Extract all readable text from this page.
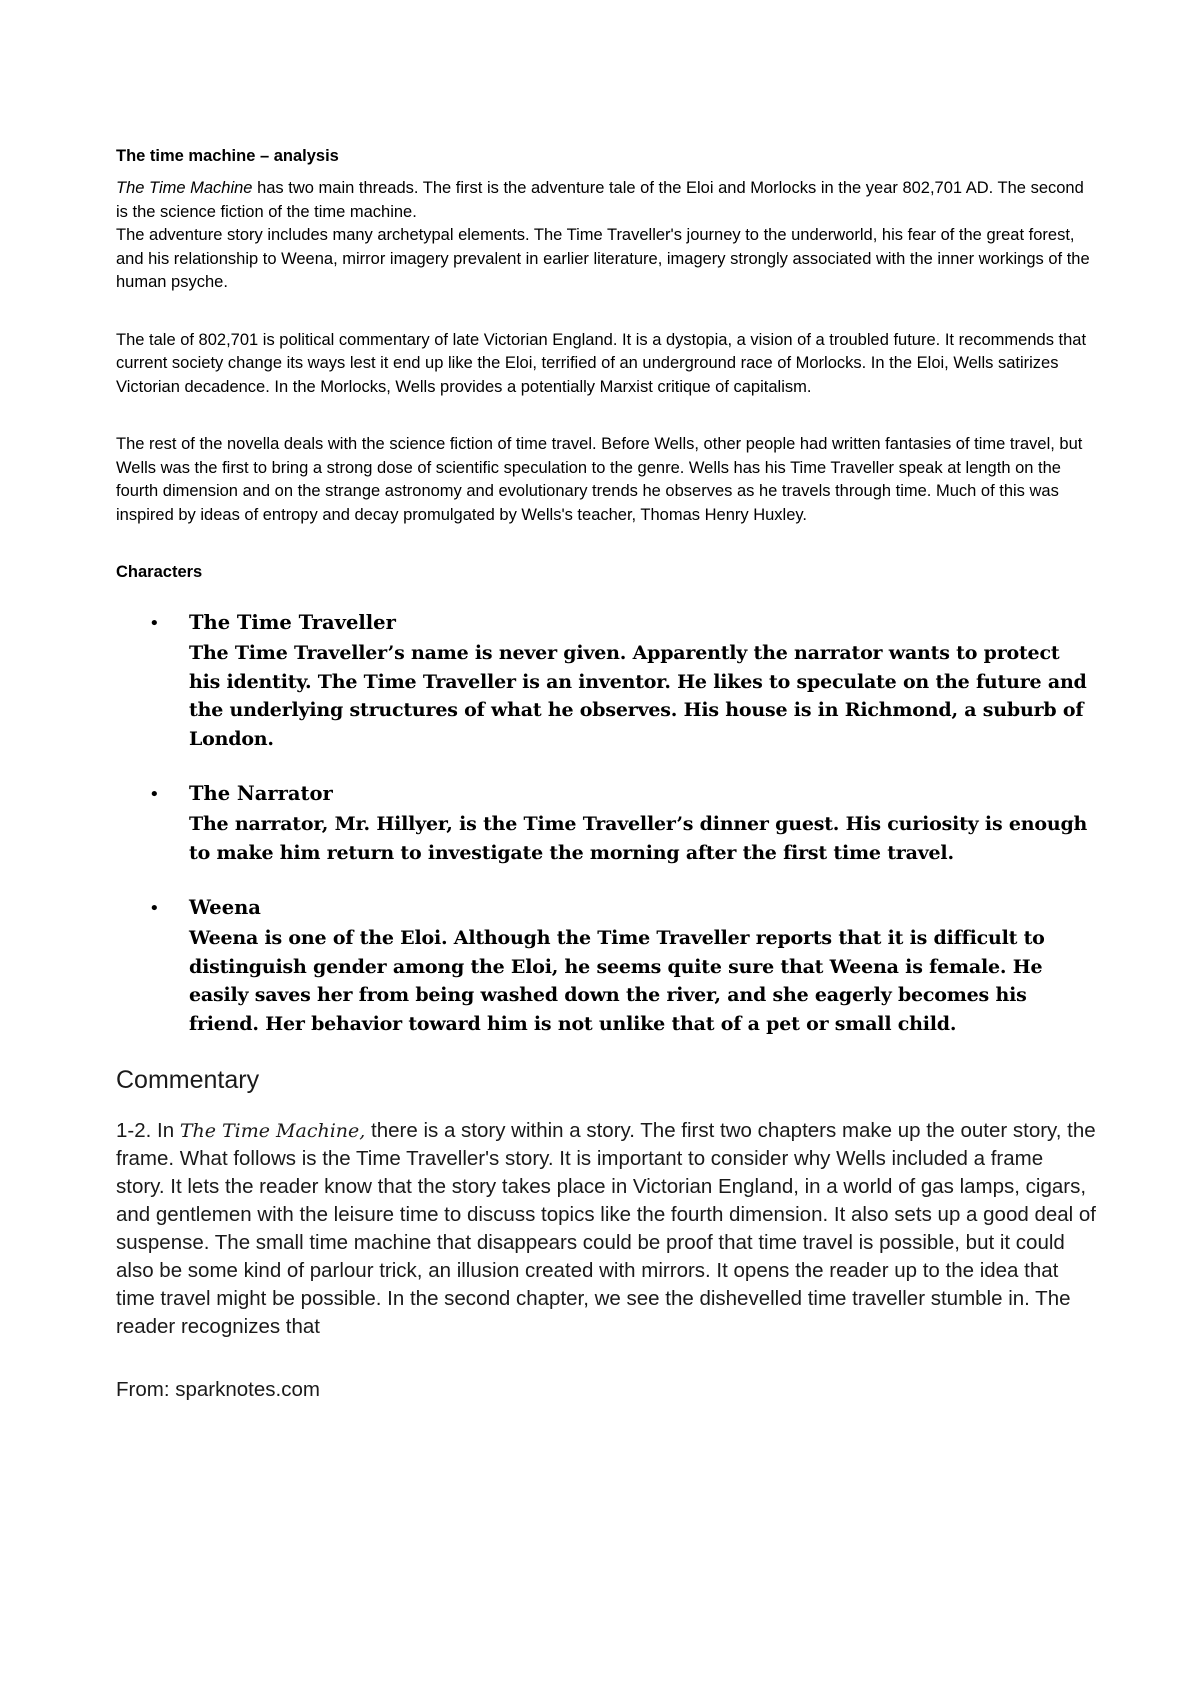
The time machine – analysis
The Time Machine has two main threads. The first is the adventure tale of the Eloi and Morlocks in the year 802,701 AD. The second is the science fiction of the time machine.
The adventure story includes many archetypal elements. The Time Traveller's journey to the underworld, his fear of the great forest, and his relationship to Weena, mirror imagery prevalent in earlier literature, imagery strongly associated with the inner workings of the human psyche.

The tale of 802,701 is political commentary of late Victorian England. It is a dystopia, a vision of a troubled future. It recommends that current society change its ways lest it end up like the Eloi, terrified of an underground race of Morlocks. In the Eloi, Wells satirizes Victorian decadence. In the Morlocks, Wells provides a potentially Marxist critique of capitalism.

The rest of the novella deals with the science fiction of time travel. Before Wells, other people had written fantasies of time travel, but Wells was the first to bring a strong dose of scientific speculation to the genre. Wells has his Time Traveller speak at length on the fourth dimension and on the strange astronomy and evolutionary trends he observes as he travels through time. Much of this was inspired by ideas of entropy and decay promulgated by Wells's teacher, Thomas Henry Huxley.

Characters
• The Time Traveller

The Time Traveller’s name is never given. Apparently the narrator wants to protect his identity. The Time Traveller is an inventor. He likes to speculate on the future and the underlying structures of what he observes. His house is in Richmond, a suburb of London.

• The Narrator

The narrator, Mr. Hillyer, is the Time Traveller’s dinner guest. His curiosity is enough to make him return to investigate the morning after the first time travel.

• Weena

Weena is one of the Eloi. Although the Time Traveller reports that it is difficult to distinguish gender among the Eloi, he seems quite sure that Weena is female. He easily saves her from being washed down the river, and she eagerly becomes his friend. Her behavior toward him is not unlike that of a pet or small child.

Commentary

1-2. In The Time Machine, there is a story within a story. The first two chapters make up the outer story, the frame. What follows is the Time Traveller's story. It is important to consider why Wells included a frame story. It lets the reader know that the story takes place in Victorian England, in a world of gas lamps, cigars, and gentlemen with the leisure time to discuss topics like the fourth dimension. It also sets up a good deal of suspense. The small time machine that disappears could be proof that time travel is possible, but it could also be some kind of parlour trick, an illusion created with mirrors. It opens the reader up to the idea that time travel might be possible. In the second chapter, we see the dishevelled time traveller stumble in. The reader recognizes that

From: sparknotes.com
